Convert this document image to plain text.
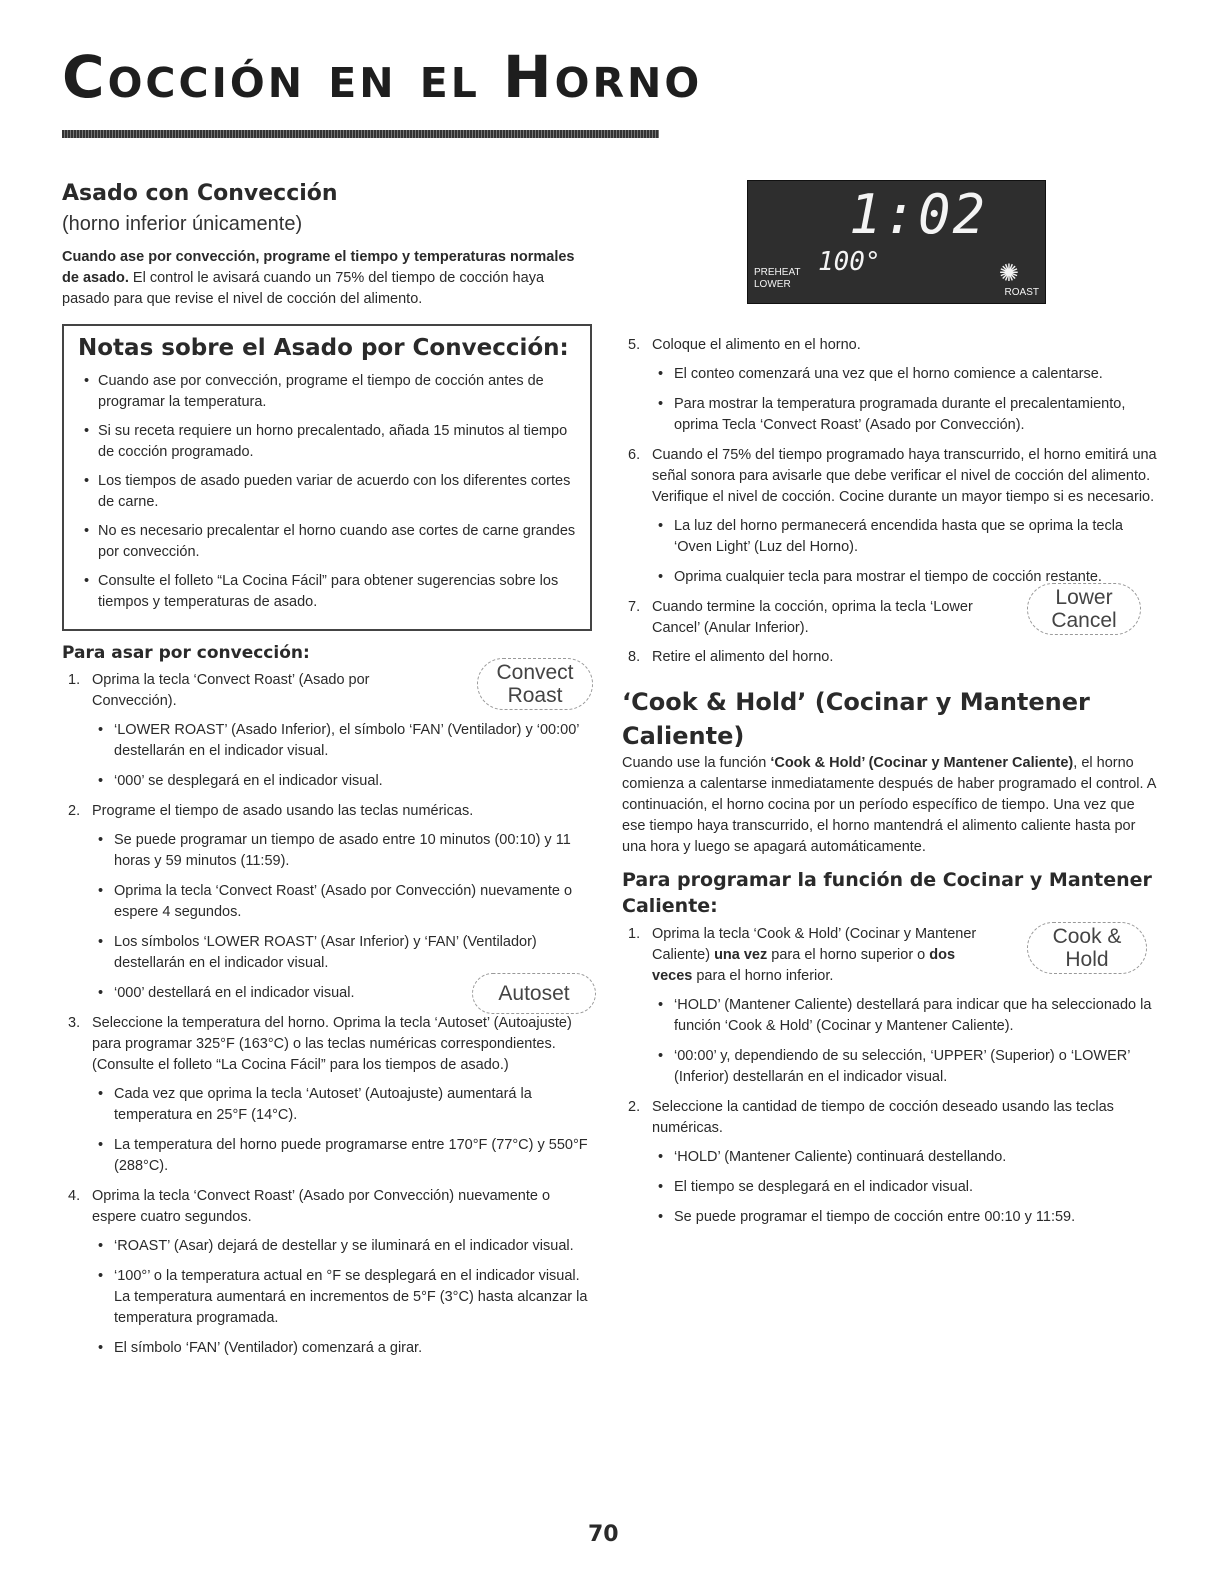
Cocción en el Horno
Asado con Convección
(horno inferior únicamente)

Cuando ase por convección, programe el tiempo y temperaturas normales de asado. El control le avisará cuando un 75% del tiempo de cocción haya pasado para que revise el nivel de cocción del alimento.

Notas sobre el Asado por Convección:
• Cuando ase por convección, programe el tiempo de cocción antes de programar la temperatura.
• Si su receta requiere un horno precalentado, añada 15 minutos al tiempo de cocción programado.
• Los tiempos de asado pueden variar de acuerdo con los diferentes cortes de carne.
• No es necesario precalentar el horno cuando ase cortes de carne grandes por convección.
• Consulte el folleto “La Cocina Fácil” para obtener sugerencias sobre los tiempos y temperaturas de asado.
Para asar por convección:
1. Oprima la tecla ‘Convect Roast’ (Asado por Convección).
• ‘LOWER ROAST’ (Asado Inferior), el símbolo ‘FAN’ (Ventilador) y ‘00:00’ destellarán en el indicador visual.
• ‘000’ se desplegará en el indicador visual.
Convect
Roast
2. Programe el tiempo de asado usando las teclas numéricas.
• Se puede programar un tiempo de asado entre 10 minutos (00:10) y 11 horas y 59 minutos (11:59).
• Oprima la tecla ‘Convect Roast’ (Asado por Convección) nuevamente o espere 4 segundos.
• Los símbolos ‘LOWER ROAST’ (Asar Inferior) y ‘FAN’ (Ventilador) destellarán en el indicador visual.
• ‘000’ destellará en el indicador visual.
3. Seleccione la temperatura del horno. Oprima la tecla ‘Autoset’ (Autoajuste) para programar 325°F (163°C) o las teclas numéricas correspondientes. (Consulte el folleto “La Cocina Fácil” para los tiempos de asado.)
• Cada vez que oprima la tecla ‘Autoset’ (Autoajuste) aumentará la temperatura en 25°F (14°C).
• La temperatura del horno puede programarse entre 170°F (77°C) y 550°F (288°C).
Autoset
4. Oprima la tecla ‘Convect Roast’ (Asado por Convección) nuevamente o espere cuatro segundos.
• ‘ROAST’ (Asar) dejará de destellar y se iluminará en el indicador visual.
• ‘100°’ o la temperatura actual en °F se desplegará en el indicador visual. La temperatura aumentará en incrementos de 5°F (3°C) hasta alcanzar la temperatura programada.
• El símbolo ‘FAN’ (Ventilador) comenzará a girar.
1:02
100°
PREHEAT
LOWER
ROAST
✺
5. Coloque el alimento en el horno.
• El conteo comenzará una vez que el horno comience a calentarse.
• Para mostrar la temperatura programada durante el precalentamiento, oprima Tecla ‘Convect Roast’ (Asado por Convección).
6. Cuando el 75% del tiempo programado haya transcurrido, el horno emitirá una señal sonora para avisarle que debe verificar el nivel de cocción del alimento. Verifique el nivel de cocción. Cocine durante un mayor tiempo si es necesario.
• La luz del horno permanecerá encendida hasta que se oprima la tecla ‘Oven Light’ (Luz del Horno).
• Oprima cualquier tecla para mostrar el tiempo de cocción restante.
7. Cuando termine la cocción, oprima la tecla ‘Lower Cancel’ (Anular Inferior).
Lower
Cancel
8. Retire el alimento del horno.
‘Cook & Hold’ (Cocinar y Mantener Caliente)

Cuando use la función ‘Cook & Hold’ (Cocinar y Mantener Caliente), el horno comienza a calentarse inmediatamente después de haber programado el control. A continuación, el horno cocina por un período específico de tiempo. Una vez que ese tiempo haya transcurrido, el horno mantendrá el alimento caliente hasta por una hora y luego se apagará automáticamente.

Para programar la función de Cocinar y Mantener Caliente:
1. Oprima la tecla ‘Cook & Hold’ (Cocinar y Mantener Caliente) una vez para el horno superior o dos veces para el horno inferior.
• ‘HOLD’ (Mantener Caliente) destellará para indicar que ha seleccionado la función ‘Cook & Hold’ (Cocinar y Mantener Caliente).
• ‘00:00’ y, dependiendo de su selección, ‘UPPER’ (Superior) o ‘LOWER’ (Inferior) destellarán en el indicador visual.
Cook &
Hold
2. Seleccione la cantidad de tiempo de cocción deseado usando las teclas numéricas.
• ‘HOLD’ (Mantener Caliente) continuará destellando.
• El tiempo se desplegará en el indicador visual.
• Se puede programar el tiempo de cocción entre 00:10 y 11:59.
70
